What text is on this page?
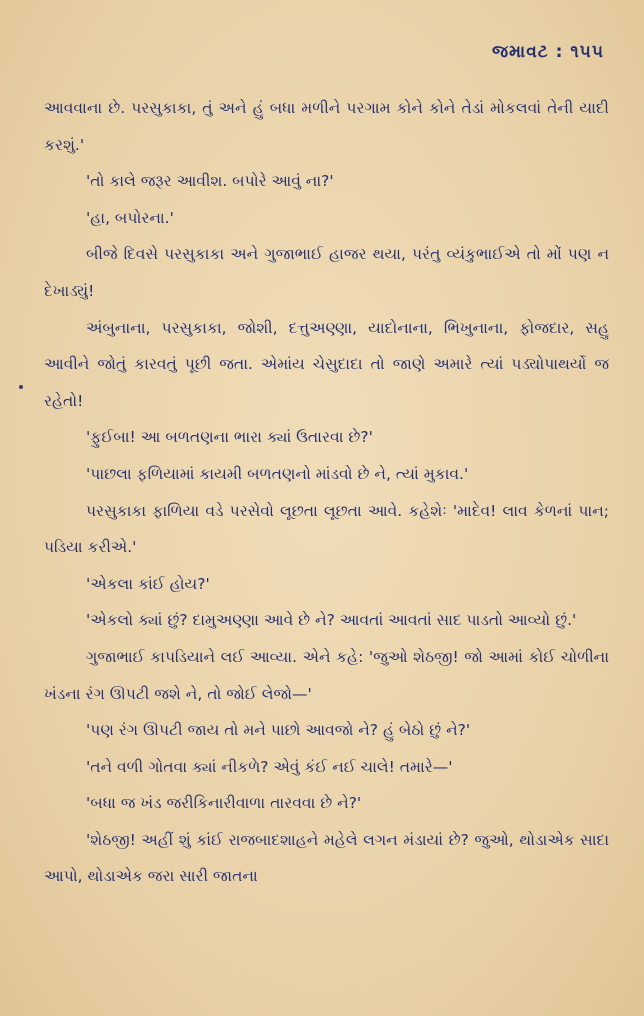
જમાવટ : ૧૫૫

આવવાના છે. પરસુકાકા, તું અને હું બધા મળીને પરગામ કોને કોને તેડાં મોકલવાં તેની યાદી કરશું.'

'તો કાલે જરૂર આવીશ. બપોરે આવું ના?'

'હા, બપોરના.'

બીજે દિવસે પરસુકાકા અને ગુજાભાઈ હાજર થયા, પરંતુ વ્યંકુભાઈએ તો મોં પણ ન દેખાડ્યું!

અંબુનાના, પરસુકાકા, જોશી, દત્તુઅણ્ણા, યાદોનાના, ભિખુનાના, ફોજદાર, સહુ આવીને જોતું કારવતું પૂછી જતા. એમાંય ચેસુદાદા તો જાણે અમારે ત્યાં પડ્યોપાથર્યો જ રહેતો!

'ફુઈબા! આ બળતણના ભારા ક્યાં ઉતારવા છે?'

'પાછલા ફળિયામાં કાયમી બળતણનો માંડવો છે ને, ત્યાં મુકાવ.'

પરસુકાકા ફાળિયા વડે પરસેવો લૂછતા લૂછતા આવે. કહેશેઃ 'માદેવ! લાવ કેળનાં પાન; પડિયા કરીએ.'

'એકલા કાંઈ હોય?'

'એકલો ક્યાં છું? દામુઅણ્ણા આવે છે ને? આવતાં આવતાં સાદ પાડતો આવ્યો છું.'

ગુજાભાઈ કાપડિયાને લઈ આવ્યા. એને કહે: 'જુઓ શેઠજી! જો આમાં કોઈ ચોળીના ખંડના રંગ ઊપટી જશે ને, તો જોઈ લેજો—'

'પણ રંગ ઊપટી જાય તો મને પાછો આવજો ને? હું બેઠો છું ને?'

'તને વળી ગોતવા ક્યાં નીકળે? એવું કંઈ નઈ ચાલે! તમારે—'

'બધા જ ખંડ જરીકિનારીવાળા તારવવા છે ને?'

'શેઠજી! અહીં શું કાંઈ રાજબાદશાહને મહેલે લગન મંડાયાં છે? જુઓ, થોડાએક સાદા આપો, થોડાએક જરા સારી જાતના
